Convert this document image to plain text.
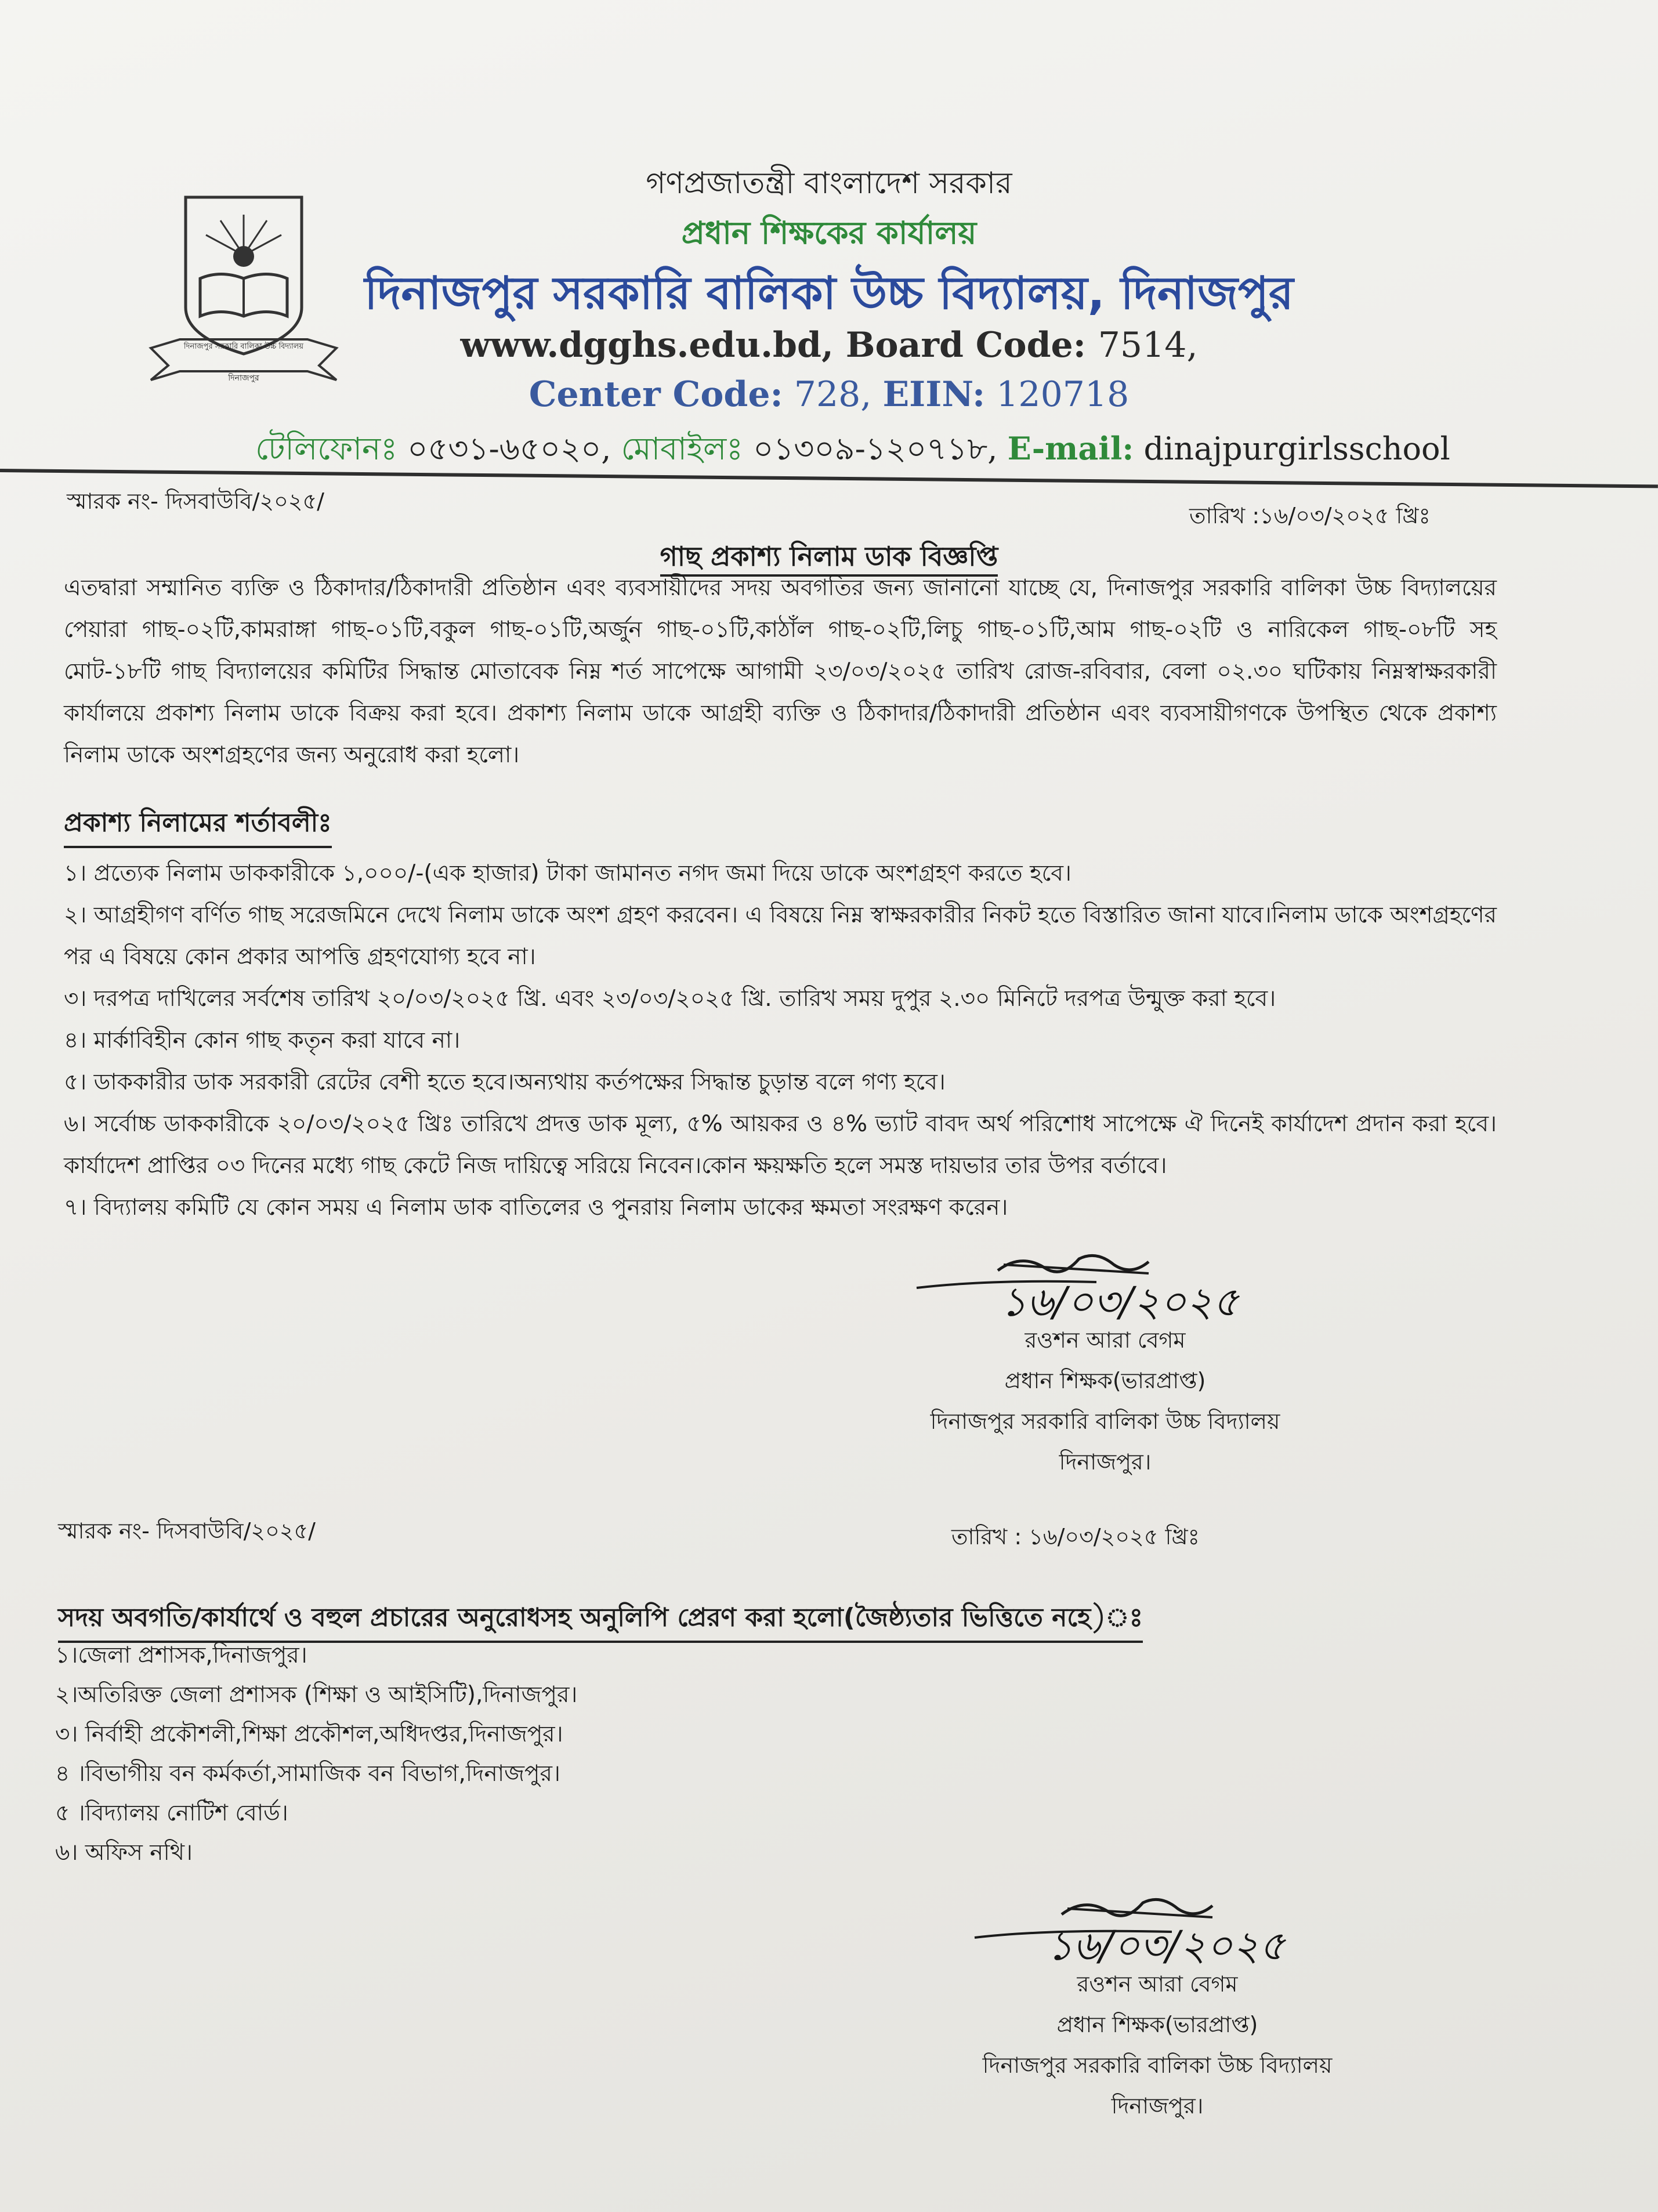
দিনাজপুর সরকারি বালিকা উচ্চ বিদ্যালয়
দিনাজপুর
গণপ্রজাতন্ত্রী বাংলাদেশ সরকার
প্রধান শিক্ষকের কার্যালয়
দিনাজপুর সরকারি বালিকা উচ্চ বিদ্যালয়, দিনাজপুর
www.dgghs.edu.bd, Board Code: 7514,
Center Code: 728, EIIN: 120718
টেলিফোনঃ ০৫৩১-৬৫০২০, মোবাইলঃ ০১৩০৯-১২০৭১৮, E-mail: dinajpurgirlsschool
স্মারক নং- দিসবাউবি/২০২৫/
তারিখ :১৬/০৩/২০২৫ খ্রিঃ
গাছ প্রকাশ্য নিলাম ডাক বিজ্ঞপ্তি
এতদ্বারা সম্মানিত ব্যক্তি ও ঠিকাদার/ঠিকাদারী প্রতিষ্ঠান এবং ব্যবসায়ীদের সদয় অবগতির জন্য জানানো যাচ্ছে যে, দিনাজপুর সরকারি বালিকা উচ্চ বিদ্যালয়ের পেয়ারা গাছ-০২টি,কামরাঙ্গা গাছ-০১টি,বকুল গাছ-০১টি,অর্জুন গাছ-০১টি,কাঠাঁল গাছ-০২টি,লিচু গাছ-০১টি,আম গাছ-০২টি ও নারিকেল গাছ-০৮টি সহ মোট-১৮টি গাছ বিদ্যালয়ের কমিটির সিদ্ধান্ত মোতাবেক নিম্ন শর্ত সাপেক্ষে আগামী ২৩/০৩/২০২৫ তারিখ রোজ-রবিবার, বেলা ০২.৩০ ঘটিকায় নিম্নস্বাক্ষরকারী কার্যালয়ে প্রকাশ্য নিলাম ডাকে বিক্রয় করা হবে। প্রকাশ্য নিলাম ডাকে আগ্রহী ব্যক্তি ও ঠিকাদার/ঠিকাদারী প্রতিষ্ঠান এবং ব্যবসায়ীগণকে উপস্থিত থেকে প্রকাশ্য নিলাম ডাকে অংশগ্রহণের জন্য অনুরোধ করা হলো।
প্রকাশ্য নিলামের শর্তাবলীঃ
১। প্রত্যেক নিলাম ডাককারীকে ১,০০০/-(এক হাজার) টাকা জামানত নগদ জমা দিয়ে ডাকে অংশগ্রহণ করতে হবে।
২। আগ্রহীগণ বর্ণিত গাছ সরেজমিনে দেখে নিলাম ডাকে অংশ গ্রহণ করবেন। এ বিষয়ে নিম্ন স্বাক্ষরকারীর নিকট হতে বিস্তারিত জানা যাবে।নিলাম ডাকে অংশগ্রহণের পর এ বিষয়ে কোন প্রকার আপত্তি গ্রহণযোগ্য হবে না।
৩। দরপত্র দাখিলের সর্বশেষ তারিখ ২০/০৩/২০২৫ খ্রি. এবং ২৩/০৩/২০২৫ খ্রি. তারিখ সময় দুপুর ২.৩০ মিনিটে দরপত্র উন্মুক্ত করা হবে।
৪। মার্কাবিহীন কোন গাছ কতৃন করা যাবে না।
৫। ডাককারীর ডাক সরকারী রেটের বেশী হতে হবে।অন্যথায় কর্তপক্ষের সিদ্ধান্ত চুড়ান্ত বলে গণ্য হবে।
৬। সর্বোচ্চ ডাককারীকে ২০/০৩/২০২৫ খ্রিঃ তারিখে প্রদত্ত ডাক মূল্য, ৫% আয়কর ও ৪% ভ্যাট বাবদ অর্থ পরিশোধ সাপেক্ষে ঐ দিনেই কার্যাদেশ প্রদান করা হবে। কার্যাদেশ প্রাপ্তির ০৩ দিনের মধ্যে গাছ কেটে নিজ দায়িত্বে সরিয়ে নিবেন।কোন ক্ষয়ক্ষতি হলে সমস্ত দায়ভার তার উপর বর্তাবে।
৭। বিদ্যালয় কমিটি যে কোন সময় এ নিলাম ডাক বাতিলের ও পুনরায় নিলাম ডাকের ক্ষমতা সংরক্ষণ করেন।
১৬/০৩/২০২৫
রওশন আরা বেগম
প্রধান শিক্ষক(ভারপ্রাপ্ত)
দিনাজপুর সরকারি বালিকা উচ্চ বিদ্যালয়
দিনাজপুর।
স্মারক নং- দিসবাউবি/২০২৫/	তারিখ : ১৬/০৩/২০২৫ খ্রিঃ
সদয় অবগতি/কার্যার্থে ও বহুল প্রচারের অনুরোধসহ অনুলিপি প্রেরণ করা হলো(জৈষ্ঠ্যতার ভিত্তিতে নহে)ঃ
১।জেলা প্রশাসক,দিনাজপুর।
২।অতিরিক্ত জেলা প্রশাসক (শিক্ষা ও আইসিটি),দিনাজপুর।
৩। নির্বাহী প্রকৌশলী,শিক্ষা প্রকৌশল,অধিদপ্তর,দিনাজপুর।
৪ ।বিভাগীয় বন কর্মকর্তা,সামাজিক বন বিভাগ,দিনাজপুর।
৫ ।বিদ্যালয় নোটিশ বোর্ড।
৬। অফিস নথি।
১৬/০৩/২০২৫
রওশন আরা বেগম
প্রধান শিক্ষক(ভারপ্রাপ্ত)
দিনাজপুর সরকারি বালিকা উচ্চ বিদ্যালয়
দিনাজপুর।
